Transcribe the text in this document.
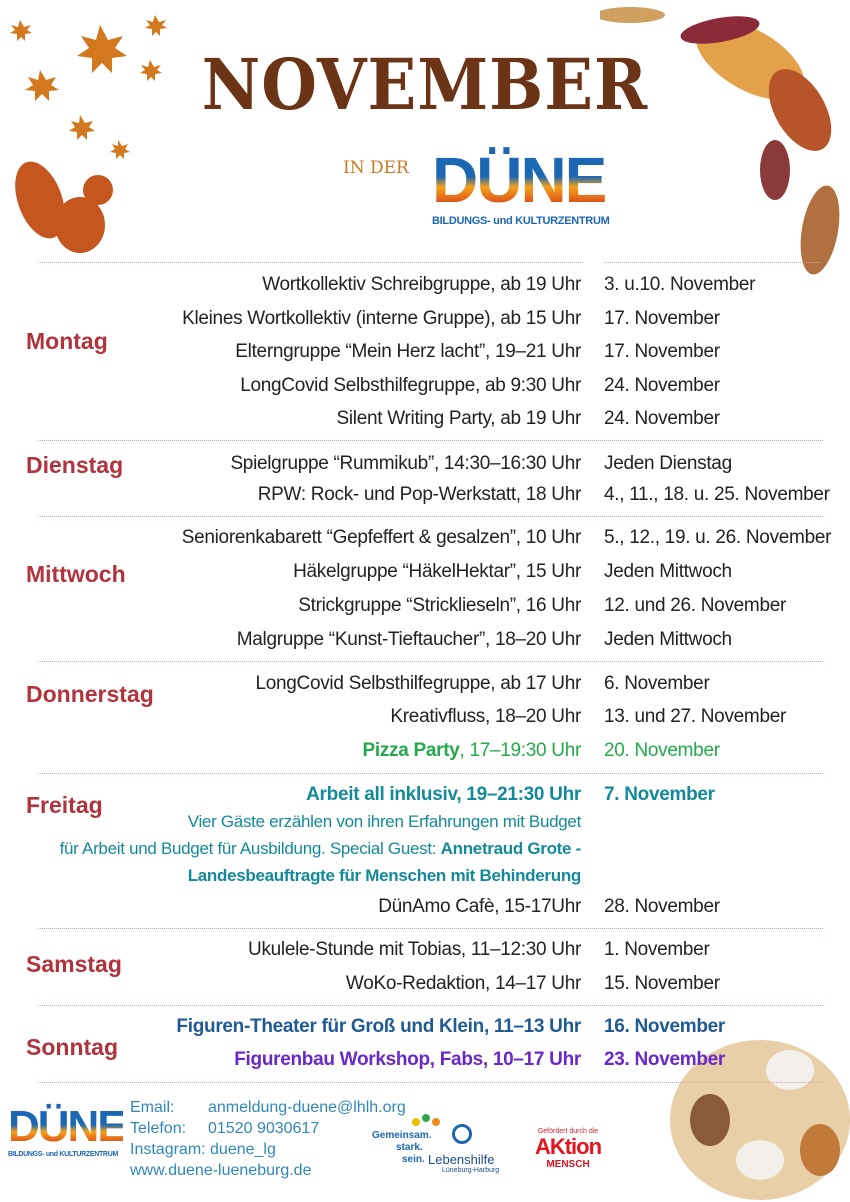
NOVEMBER
IN DER DÜNE
BILDUNGS- und KULTURZENTRUM
Montag
Wortkollektiv Schreibgruppe, ab 19 Uhr 3. u.10. November
Kleines Wortkollektiv (interne Gruppe), ab 15 Uhr 17. November
Elterngruppe “Mein Herz lacht”, 19–21 Uhr 17. November
LongCovid Selbsthilfegruppe, ab 9:30 Uhr 24. November
Silent Writing Party, ab 19 Uhr 24. November
Dienstag	Spielgruppe “Rummikub”, 14:30–16:30 Uhr Jeden Dienstag
RPW: Rock- und Pop-Werkstatt, 18 Uhr 4., 11., 18. u. 25. November
Mittwoch
Seniorenkabarett “Gepfeffert & gesalzen”, 10 Uhr 5., 12., 19. u. 26. November
Häkelgruppe “HäkelHektar”, 15 Uhr Jeden Mittwoch
Strickgruppe “Stricklieseln”, 16 Uhr 12. und 26. November
Malgruppe “Kunst-Tieftaucher”, 18–20 Uhr Jeden Mittwoch
Donnerstag	LongCovid Selbsthilfegruppe, ab 17 Uhr 6. November
Kreativfluss, 18–20 Uhr 13. und 27. November
Pizza Party, 17–19:30 Uhr 20. November
Freitag	Arbeit all inklusiv, 19–21:30 Uhr 7. November
Vier Gäste erzählen von ihren Erfahrungen mit Budget
für Arbeit und Budget für Ausbildung. Special Guest: Annetraud Grote -
Landesbeauftragte für Menschen mit Behinderung
DünAmo Cafè, 15-17Uhr 28. November
Samstag
Ukulele-Stunde mit Tobias, 11–12:30 Uhr 1. November
WoKo-Redaktion, 14–17 Uhr 15. November
Sonntag
Figuren-Theater für Groß und Klein, 11–13 Uhr 16. November
Figurenbau Workshop, Fabs, 10–17 Uhr 23. November
DÜNE
BILDUNGS- und KULTURZENTRUM
Email: anmeldung-duene@lhlh.org
Telefon: 01520 9030617
Instagram: duene_lg
www.duene-lueneburg.de
Gemeinsam.
stark.
sein. Lebenshilfe
Lüneburg-Harburg
Gefördert durch die
AKtion
MENSCH
